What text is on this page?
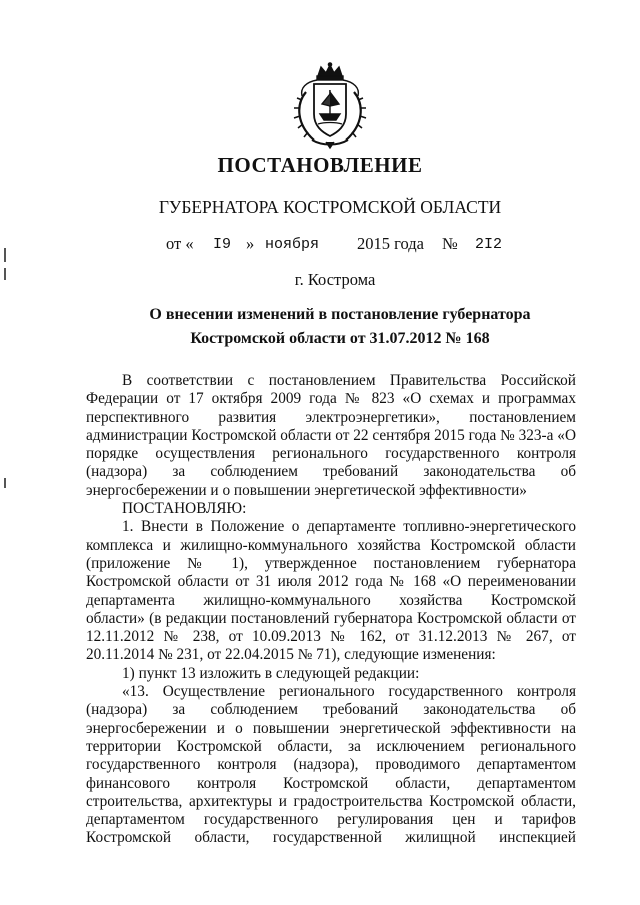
ПОСТАНОВЛЕНИЕ
ГУБЕРНАТОРА КОСТРОМСКОЙ ОБЛАСТИ
от « I9 » ноября 2015 года № 2I2
г. Кострома
О внесении изменений в постановление губернатора
Костромской области от 31.07.2012 № 168
В соответствии с постановлением Правительства Российской
Федерации от 17 октября 2009 года № 823 «О схемах и программах
перспективного развития электроэнергетики», постановлением
администрации Костромской области от 22 сентября 2015 года № 323-а «О
порядке осуществления регионального государственного контроля
(надзора) за соблюдением требований законодательства об
энергосбережении и о повышении энергетической эффективности»
ПОСТАНОВЛЯЮ:
1. Внести в Положение о департаменте топливно-энергетического
комплекса и жилищно-коммунального хозяйства Костромской области
(приложение № 1), утвержденное постановлением губернатора
Костромской области от 31 июля 2012 года № 168 «О переименовании
департамента жилищно-коммунального хозяйства Костромской
области» (в редакции постановлений губернатора Костромской области от
12.11.2012 № 238, от 10.09.2013 № 162, от 31.12.2013 № 267, от
20.11.2014 № 231, от 22.04.2015 № 71), следующие изменения:
1) пункт 13 изложить в следующей редакции:
«13. Осуществление регионального государственного контроля
(надзора) за соблюдением требований законодательства об
энергосбережении и о повышении энергетической эффективности на
территории Костромской области, за исключением регионального
государственного контроля (надзора), проводимого департаментом
финансового контроля Костромской области, департаментом
строительства, архитектуры и градостроительства Костромской области,
департаментом государственного регулирования цен и тарифов
Костромской области, государственной жилищной инспекцией
